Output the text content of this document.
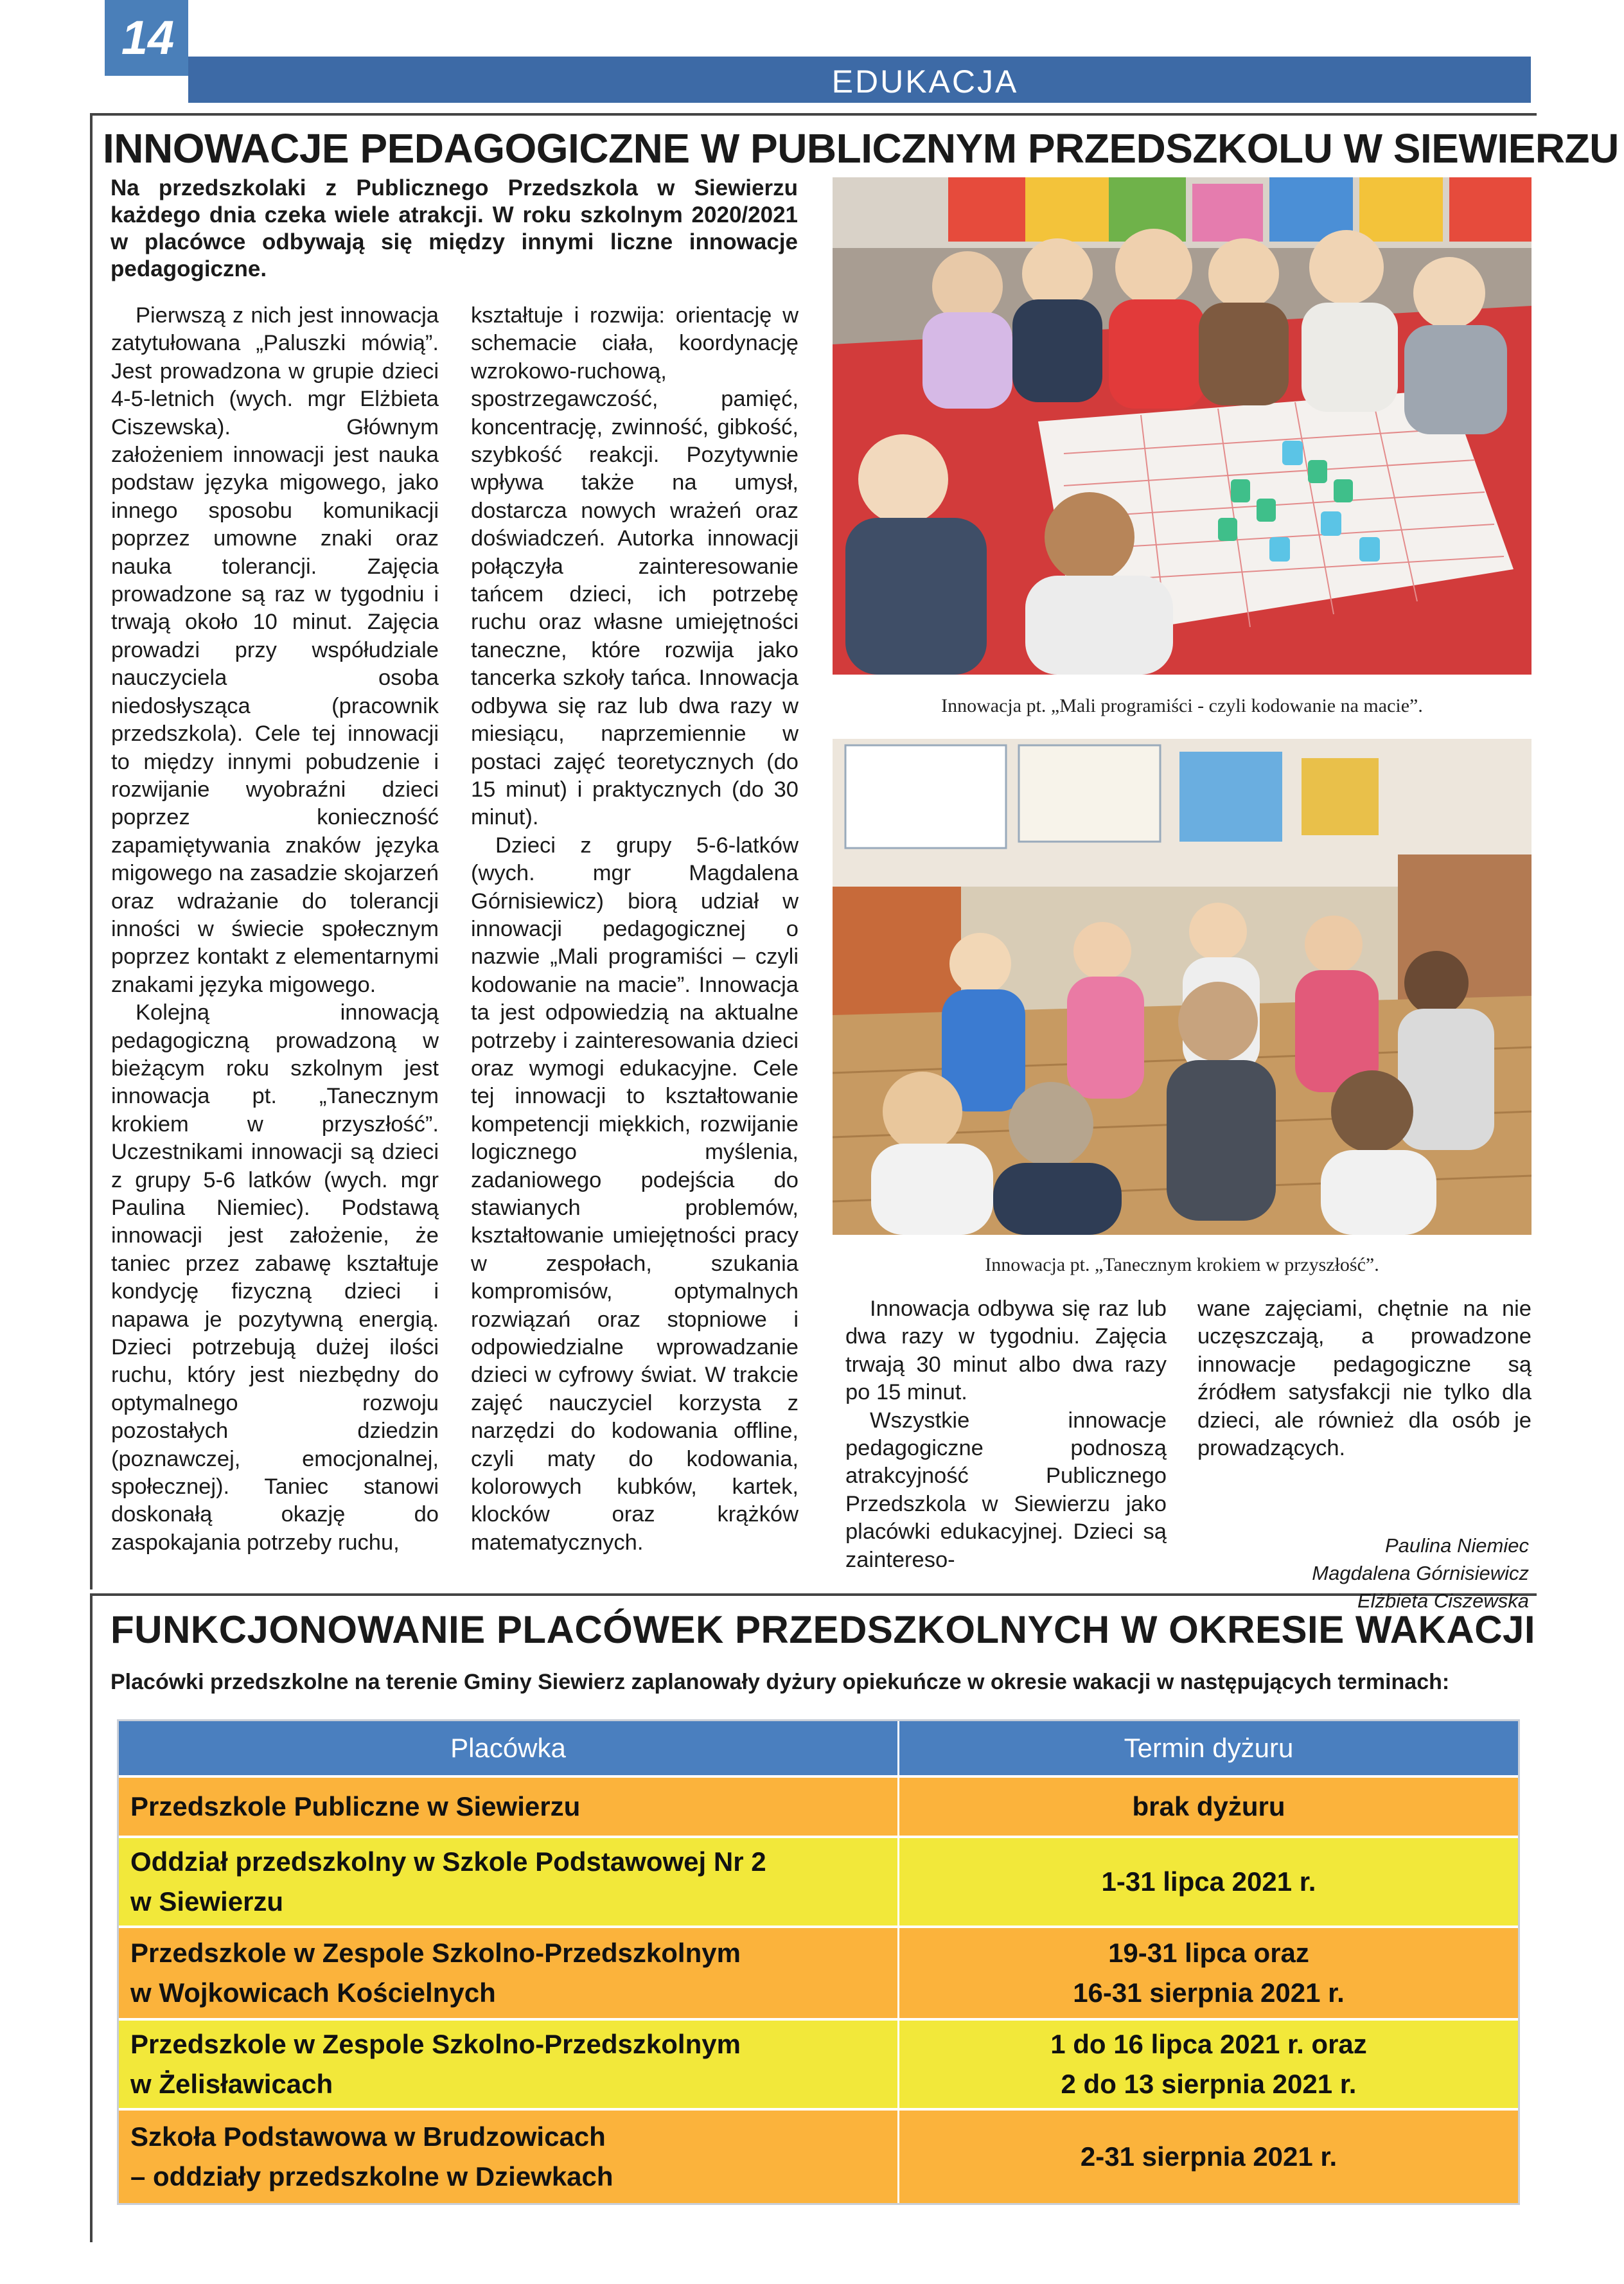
14
EDUKACJA
INNOWACJE PEDAGOGICZNE W PUBLICZNYM PRZEDSZKOLU W SIEWIERZU
Na przedszkolaki z Publicznego Przedszkola w Siewierzu każdego dnia czeka wiele atrakcji. W roku szkolnym 2020/2021 w placówce odbywają się między innymi liczne innowacje pedagogiczne.

Pierwszą z nich jest innowacja zatytułowana „Paluszki mówią”. Jest prowadzona w grupie dzieci 4-5-letnich (wych. mgr Elżbieta Ciszewska). Głównym założeniem innowacji jest nauka podstaw języka migowego, jako innego sposobu komunikacji poprzez umowne znaki oraz nauka tolerancji. Zajęcia prowadzone są raz w tygodniu i trwają około 10 minut. Zajęcia prowadzi przy współudziale nauczyciela osoba niedosłysząca (pracownik przedszkola). Cele tej innowacji to między innymi pobudzenie i rozwijanie wyobraźni dzieci poprzez konieczność zapamiętywania znaków języka migowego na zasadzie skojarzeń oraz wdrażanie do tolerancji inności w świecie społecznym poprzez kontakt z elementarnymi znakami języka migowego.

Kolejną innowacją pedagogiczną prowadzoną w bieżącym roku szkolnym jest innowacja pt. „Tanecznym krokiem w przyszłość”. Uczestnikami innowacji są dzieci z grupy 5-6 latków (wych. mgr Paulina Niemiec). Podstawą innowacji jest założenie, że taniec przez zabawę kształtuje kondycję fizyczną dzieci i napawa je pozytywną energią. Dzieci potrzebują dużej ilości ruchu, który jest niezbędny do optymalnego rozwoju pozostałych dziedzin (poznawczej, emocjonalnej, społecznej). Taniec stanowi doskonałą okazję do zaspokajania potrzeby ruchu,

kształtuje i rozwija: orientację w schemacie ciała, koordynację wzrokowo-ruchową, spostrzegawczość, pamięć, koncentrację, zwinność, gibkość, szybkość reakcji. Pozytywnie wpływa także na umysł, dostarcza nowych wrażeń oraz doświadczeń. Autorka innowacji połączyła zainteresowanie tańcem dzieci, ich potrzebę ruchu oraz własne umiejętności taneczne, które rozwija jako tancerka szkoły tańca. Innowacja odbywa się raz lub dwa razy w miesiącu, naprzemiennie w postaci zajęć teoretycznych (do 15 minut) i praktycznych (do 30 minut).

Dzieci z grupy 5-6-latków (wych. mgr Magdalena Górnisiewicz) biorą udział w innowacji pedagogicznej o nazwie „Mali programiści – czyli kodowanie na macie”. Innowacja ta jest odpowiedzią na aktualne potrzeby i zainteresowania dzieci oraz wymogi edukacyjne. Cele tej innowacji to kształtowanie kompetencji miękkich, rozwijanie logicznego myślenia, zadaniowego podejścia do stawianych problemów, kształtowanie umiejętności pracy w zespołach, szukania kompromisów, optymalnych rozwiązań oraz stopniowe i odpowiedzialne wprowadzanie dzieci w cyfrowy świat. W trakcie zajęć nauczyciel korzysta z narzędzi do kodowania offline, czyli maty do kodowania, kolorowych kubków, kartek, klocków oraz krążków matematycznych.

Innowacja pt. „Mali programiści - czyli kodowanie na macie”.
Innowacja pt. „Tanecznym krokiem w przyszłość”.

Innowacja odbywa się raz lub dwa razy w tygodniu. Zajęcia trwają 30 minut albo dwa razy po 15 minut.

Wszystkie innowacje pedagogiczne podnoszą atrakcyjność Publicznego Przedszkola w Siewierzu jako placówki edukacyjnej. Dzieci są zaintereso-

wane zajęciami, chętnie na nie uczęszczają, a prowadzone innowacje pedagogiczne są źródłem satysfakcji nie tylko dla dzieci, ale również dla osób je prowadzących.

Paulina Niemiec
Magdalena Górnisiewicz
Elżbieta Ciszewska
FUNKCJONOWANIE PLACÓWEK PRZEDSZKOLNYCH W OKRESIE WAKACJI
Placówki przedszkolne na terenie Gminy Siewierz zaplanowały dyżury opiekuńcze w okresie wakacji w następujących terminach:
Placówka	Termin dyżuru
Przedszkole Publiczne w Siewierzu	brak dyżuru
Oddział przedszkolny w Szkole Podstawowej Nr 2
w Siewierzu
1-31 lipca 2021 r.
Przedszkole w Zespole Szkolno-Przedszkolnym
w Wojkowicach Kościelnych
19-31 lipca oraz
16-31 sierpnia 2021 r.
Przedszkole w Zespole Szkolno-Przedszkolnym
w Żelisławicach
1 do 16 lipca 2021 r. oraz
2 do 13 sierpnia 2021 r.
Szkoła Podstawowa w Brudzowicach
– oddziały przedszkolne w Dziewkach
2-31 sierpnia 2021 r.
